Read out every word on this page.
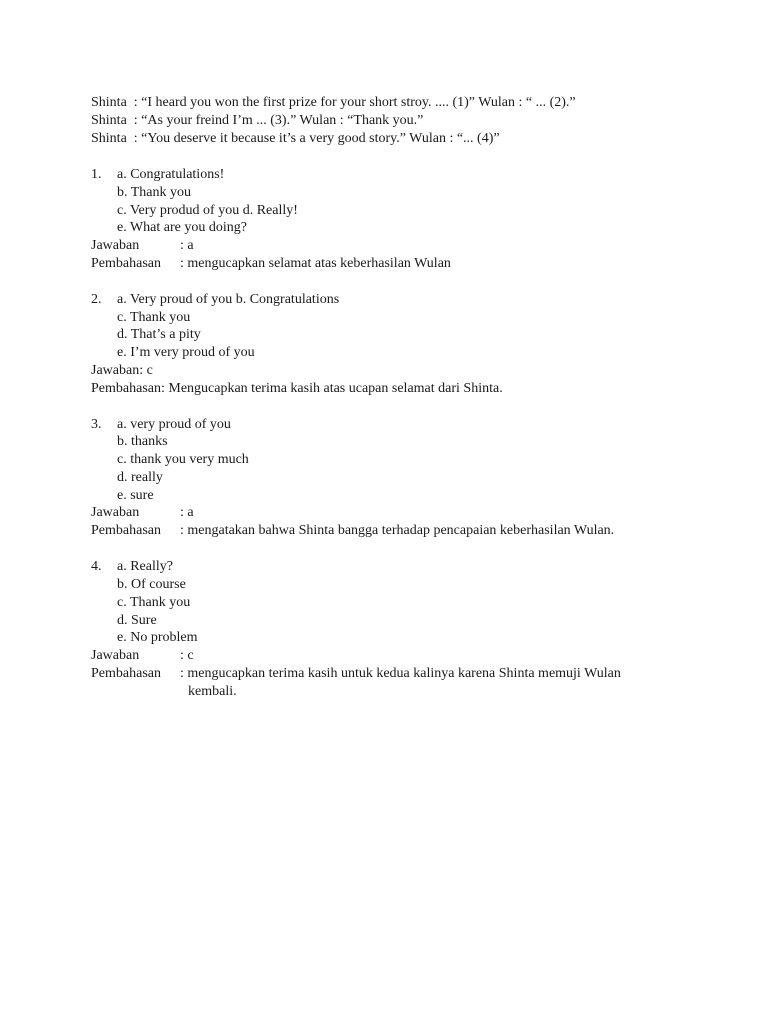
Shinta  : “I heard you won the first prize for your short stroy. .... (1)” Wulan : “ ... (2).”
Shinta  : “As your freind I’m ... (3).” Wulan : “Thank you.”
Shinta  : “You deserve it because it’s a very good story.” Wulan : “... (4)”
1. a. Congratulations!
b. Thank you
c. Very produd of you d. Really!
e. What are you doing?
Jawaban	: a
Pembahasan : mengucapkan selamat atas keberhasilan Wulan
2. a. Very proud of you b. Congratulations
c. Thank you
d. That’s a pity
e. I’m very proud of you
Jawaban: c
Pembahasan: Mengucapkan terima kasih atas ucapan selamat dari Shinta.
3. a. very proud of you
b. thanks
c. thank you very much
d. really
e. sure
Jawaban	: a
Pembahasan : mengatakan bahwa Shinta bangga terhadap pencapaian keberhasilan Wulan.
4. a. Really?
b. Of course
c. Thank you
d. Sure
e. No problem
Jawaban	: c
Pembahasan : mengucapkan terima kasih untuk kedua kalinya karena Shinta memuji Wulan
kembali.
